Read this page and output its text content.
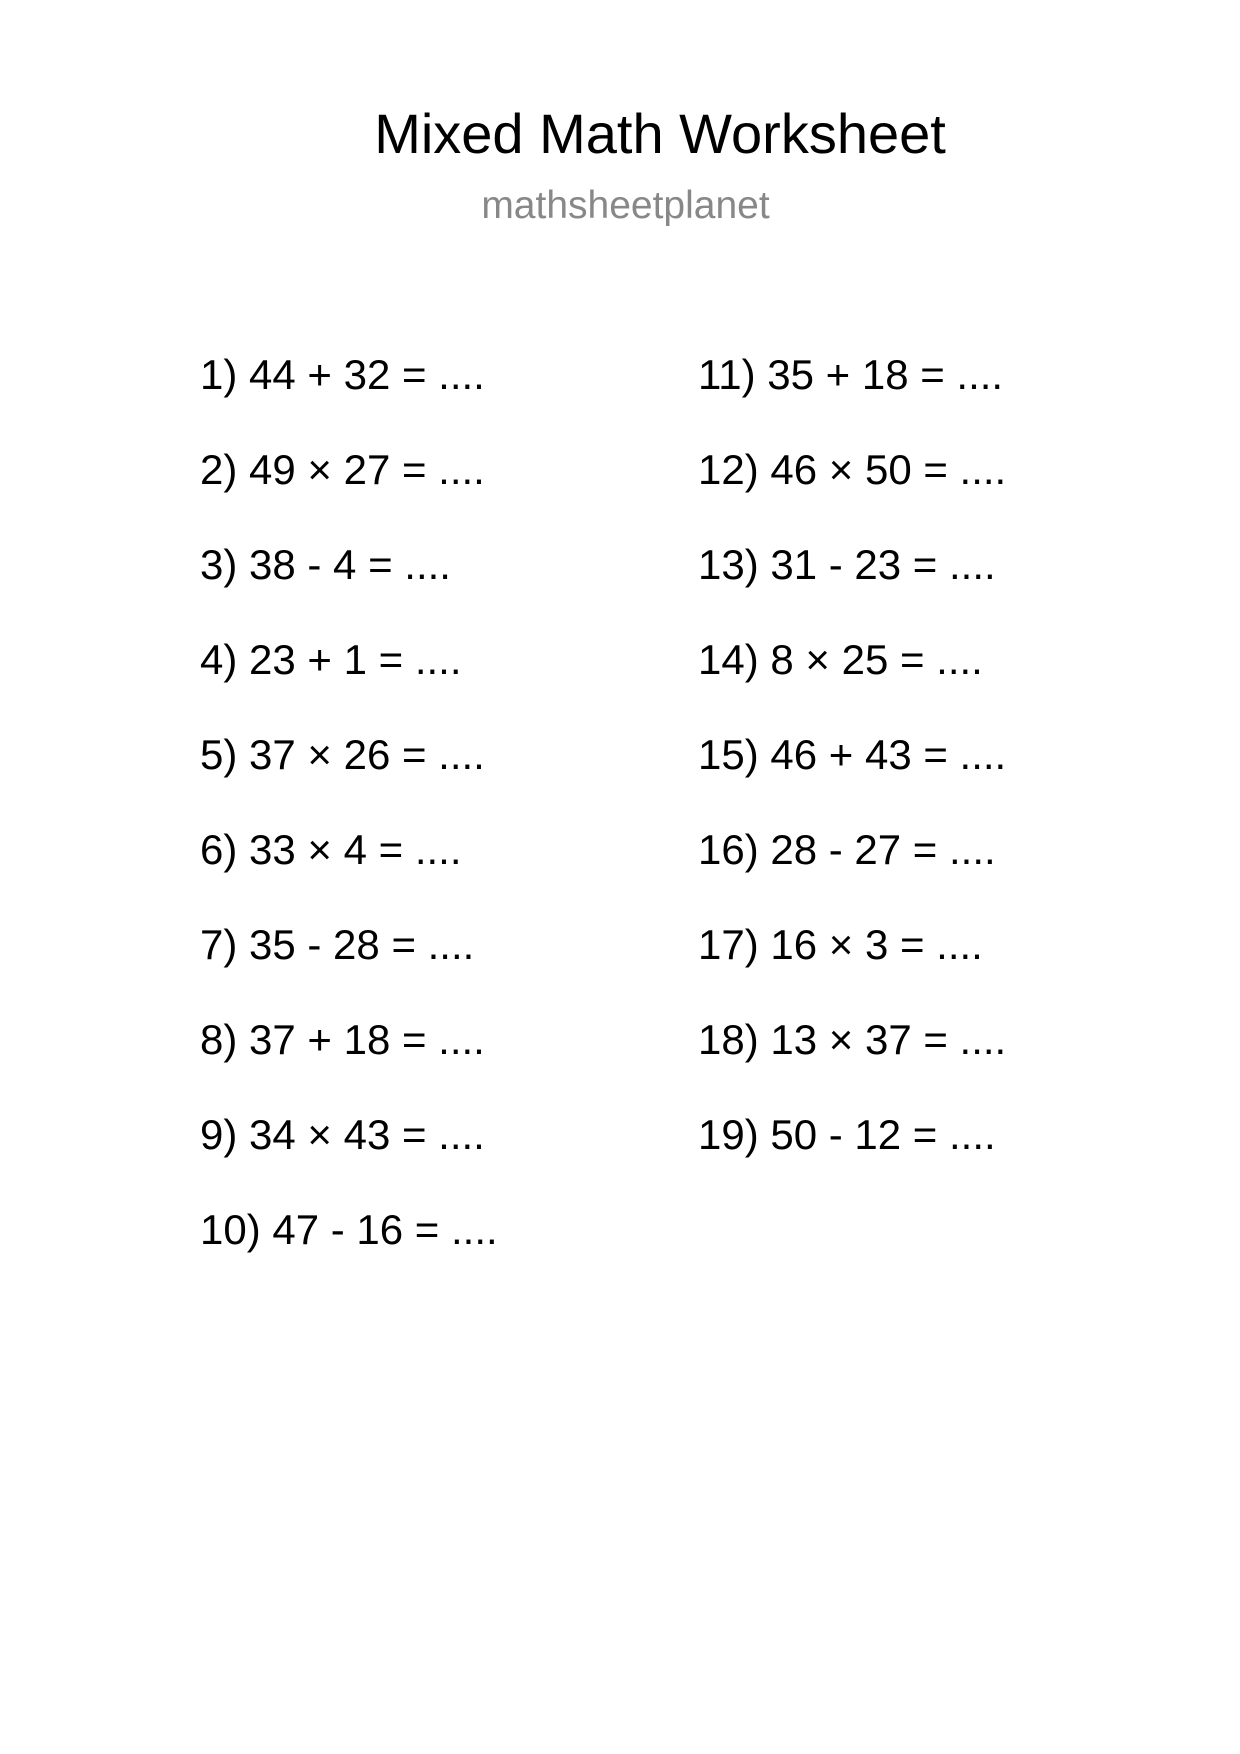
Mixed Math Worksheet
mathsheetplanet
1) 44 + 32 = ....
2) 49 × 27 = ....
3) 38 - 4 = ....
4) 23 + 1 = ....
5) 37 × 26 = ....
6) 33 × 4 = ....
7) 35 - 28 = ....
8) 37 + 18 = ....
9) 34 × 43 = ....
10) 47 - 16 = ....
11) 35 + 18 = ....
12) 46 × 50 = ....
13) 31 - 23 = ....
14) 8 × 25 = ....
15) 46 + 43 = ....
16) 28 - 27 = ....
17) 16 × 3 = ....
18) 13 × 37 = ....
19) 50 - 12 = ....
